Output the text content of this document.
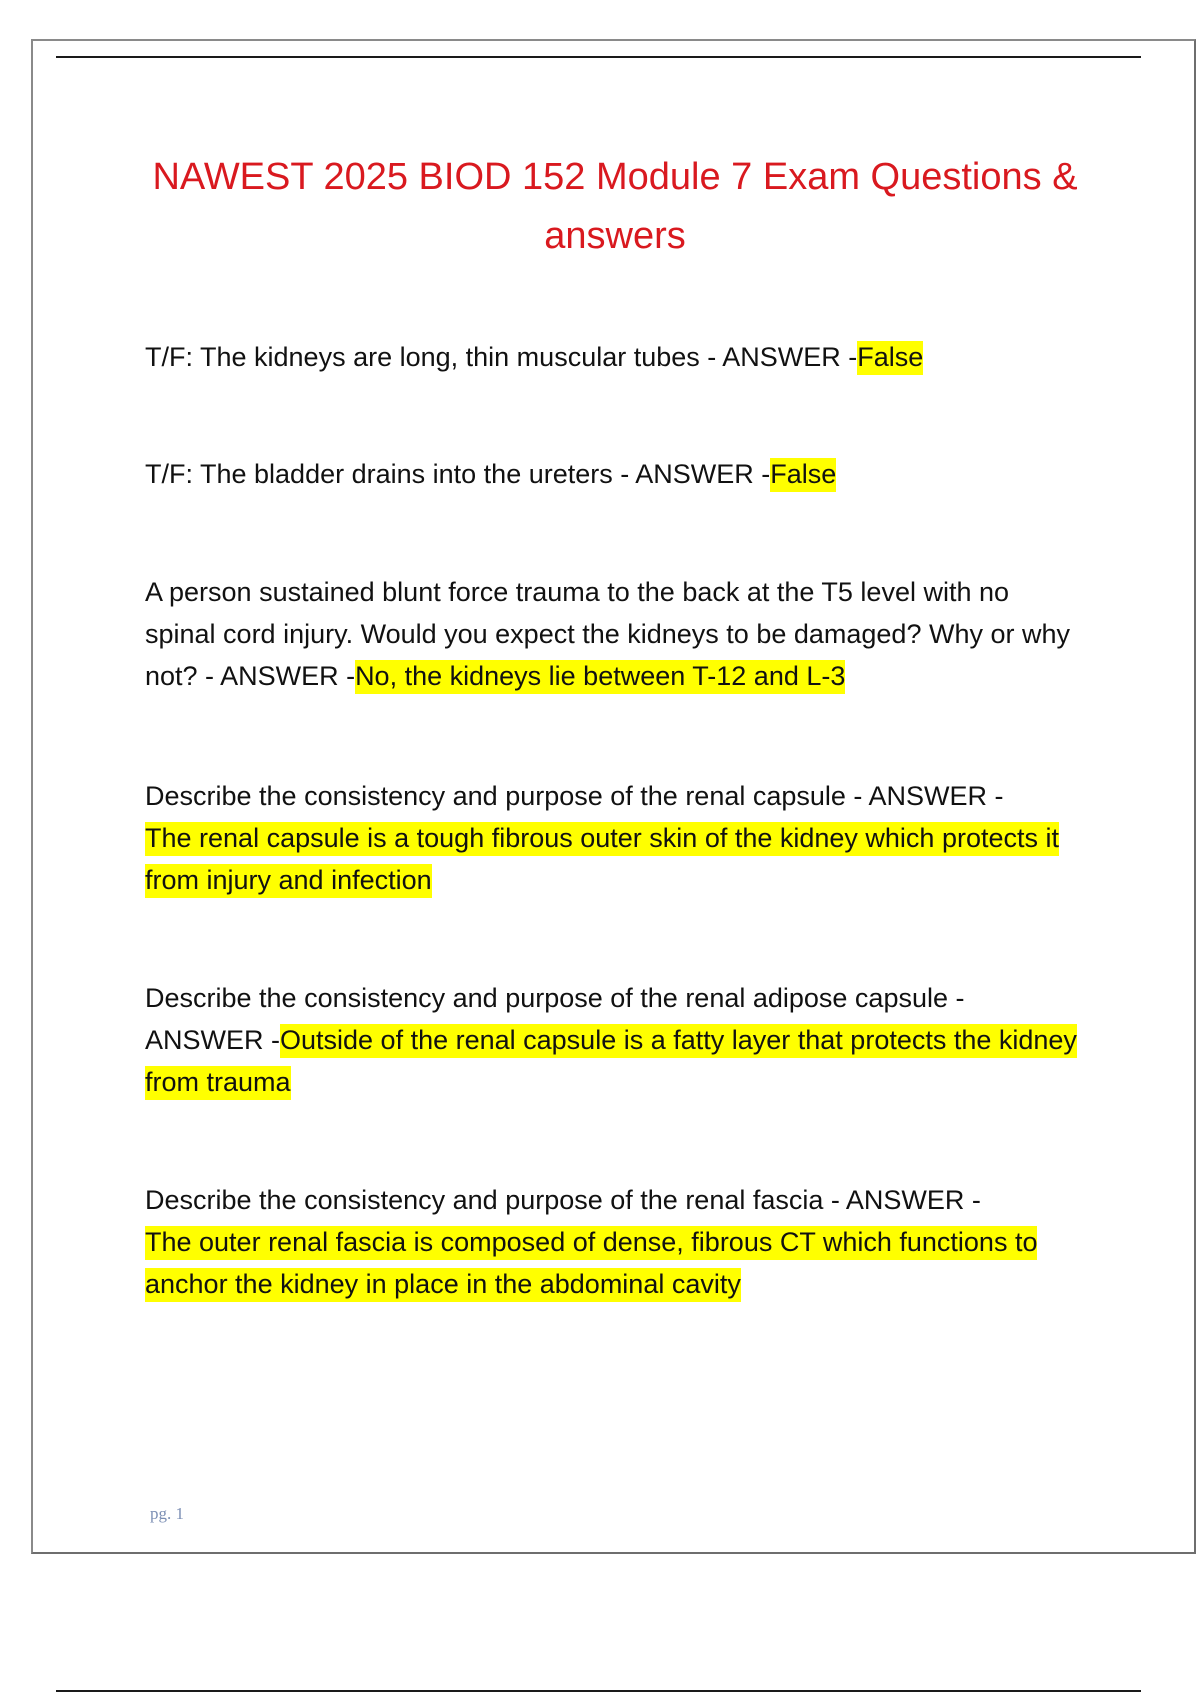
NAWEST 2025 BIOD 152 Module 7 Exam Questions & answers

T/F: The kidneys are long, thin muscular tubes - ANSWER -False

T/F: The bladder drains into the ureters - ANSWER -False

A person sustained blunt force trauma to the back at the T5 level with no spinal cord injury. Would you expect the kidneys to be damaged? Why or why not? - ANSWER -No, the kidneys lie between T-12 and L-3

Describe the consistency and purpose of the renal capsule - ANSWER -
The renal capsule is a tough fibrous outer skin of the kidney which protects it from injury and infection

Describe the consistency and purpose of the renal adipose capsule - ANSWER -Outside of the renal capsule is a fatty layer that protects the kidney from trauma

Describe the consistency and purpose of the renal fascia - ANSWER -
The outer renal fascia is composed of dense, fibrous CT which functions to anchor the kidney in place in the abdominal cavity

pg. 1
